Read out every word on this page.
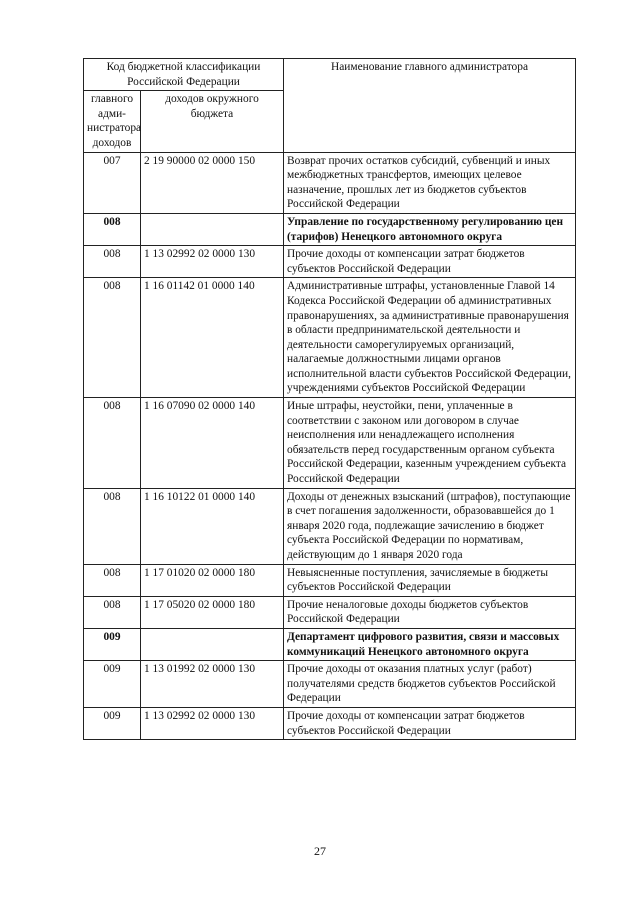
Код бюджетной классификации Российской Федерации		Наименование главного администратора
главного адми-нистратора доходов	доходов окружного бюджета	
007	2 19 90000 02 0000 150	Возврат прочих остатков субсидий, субвенций и иных межбюджетных трансфертов, имеющих целевое назначение, прошлых лет из бюджетов субъектов Российской Федерации
008		Управление по государственному регулированию цен (тарифов) Ненецкого автономного округа
008	1 13 02992 02 0000 130	Прочие доходы от компенсации затрат бюджетов субъектов Российской Федерации
008	1 16 01142 01 0000 140	Административные штрафы, установленные Главой 14 Кодекса Российской Федерации об административных правонарушениях, за административные правонарушения в области предпринимательской деятельности и деятельности саморегулируемых организаций, налагаемые должностными лицами органов исполнительной власти субъектов Российской Федерации, учреждениями субъектов Российской Федерации
008	1 16 07090 02 0000 140	Иные штрафы, неустойки, пени, уплаченные в соответствии с законом или договором в случае неисполнения или ненадлежащего исполнения обязательств перед государственным органом субъекта Российской Федерации, казенным учреждением субъекта Российской Федерации
008	1 16 10122 01 0000 140	Доходы от денежных взысканий (штрафов), поступающие в счет погашения задолженности, образовавшейся до 1 января 2020 года, подлежащие зачислению в бюджет субъекта Российской Федерации по нормативам, действующим до 1 января 2020 года
008	1 17 01020 02 0000 180	Невыясненные поступления, зачисляемые в бюджеты субъектов Российской Федерации
008	1 17 05020 02 0000 180	Прочие неналоговые доходы бюджетов субъектов Российской Федерации
009		Департамент цифрового развития, связи и массовых коммуникаций Ненецкого автономного округа
009	1 13 01992 02 0000 130	Прочие доходы от оказания платных услуг (работ) получателями средств бюджетов субъектов Российской Федерации
009	1 13 02992 02 0000 130	Прочие доходы от компенсации затрат бюджетов субъектов Российской Федерации
27
